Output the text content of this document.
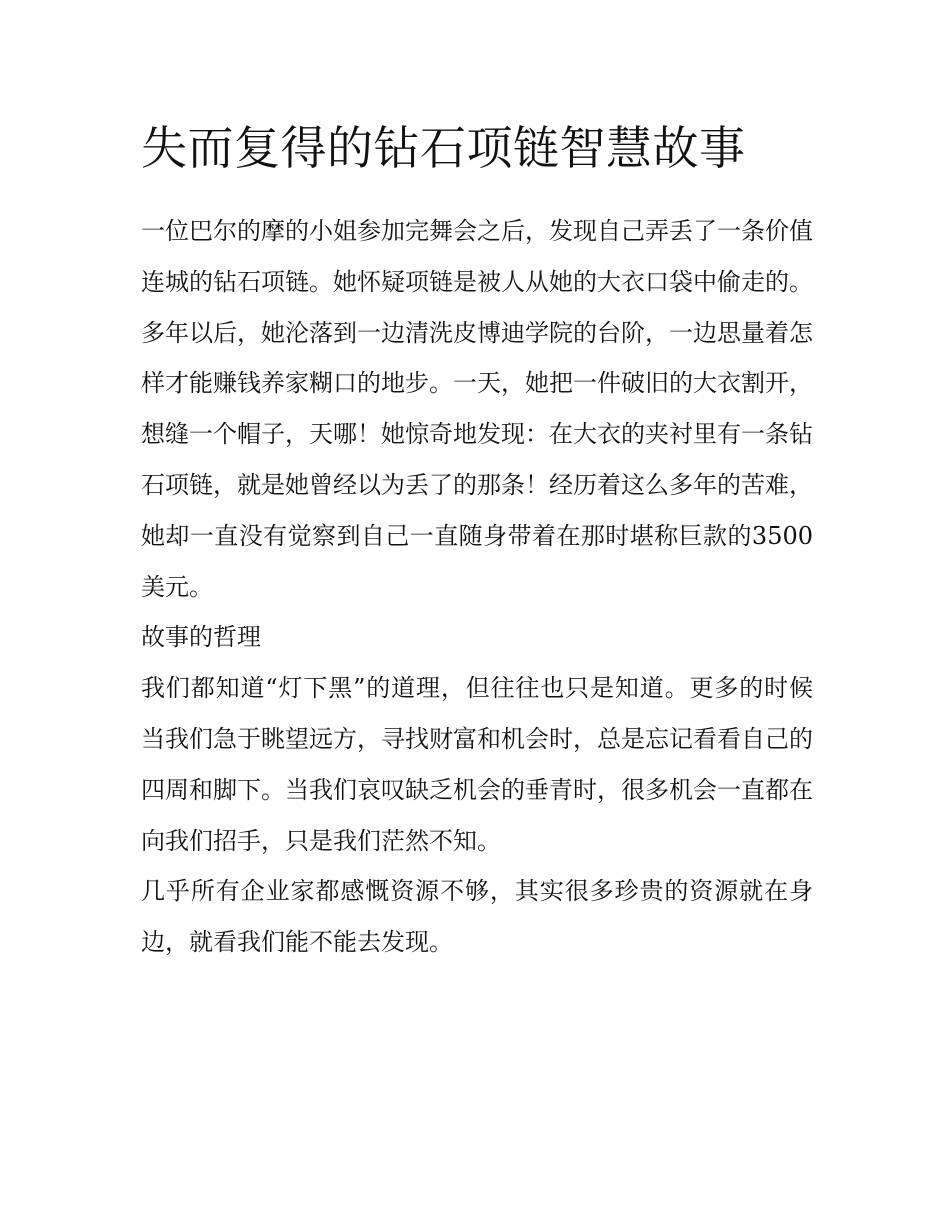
失而复得的钻石项链智慧故事

一位巴尔的摩的小姐参加完舞会之后，发现自己弄丢了一条价值连城的钻石项链。她怀疑项链是被人从她的大衣口袋中偷走的。

多年以后，她沦落到一边清洗皮博迪学院的台阶，一边思量着怎样才能赚钱养家糊口的地步。一天，她把一件破旧的大衣割开，想缝一个帽子，天哪！她惊奇地发现：在大衣的夹衬里有一条钻石项链，就是她曾经以为丢了的那条！经历着这么多年的苦难，她却一直没有觉察到自己一直随身带着在那时堪称巨款的3500美元。

故事的哲理

我们都知道“灯下黑”的道理，但往往也只是知道。更多的时候当我们急于眺望远方，寻找财富和机会时，总是忘记看看自己的四周和脚下。当我们哀叹缺乏机会的垂青时，很多机会一直都在向我们招手，只是我们茫然不知。

几乎所有企业家都感慨资源不够，其实很多珍贵的资源就在身边，就看我们能不能去发现。
